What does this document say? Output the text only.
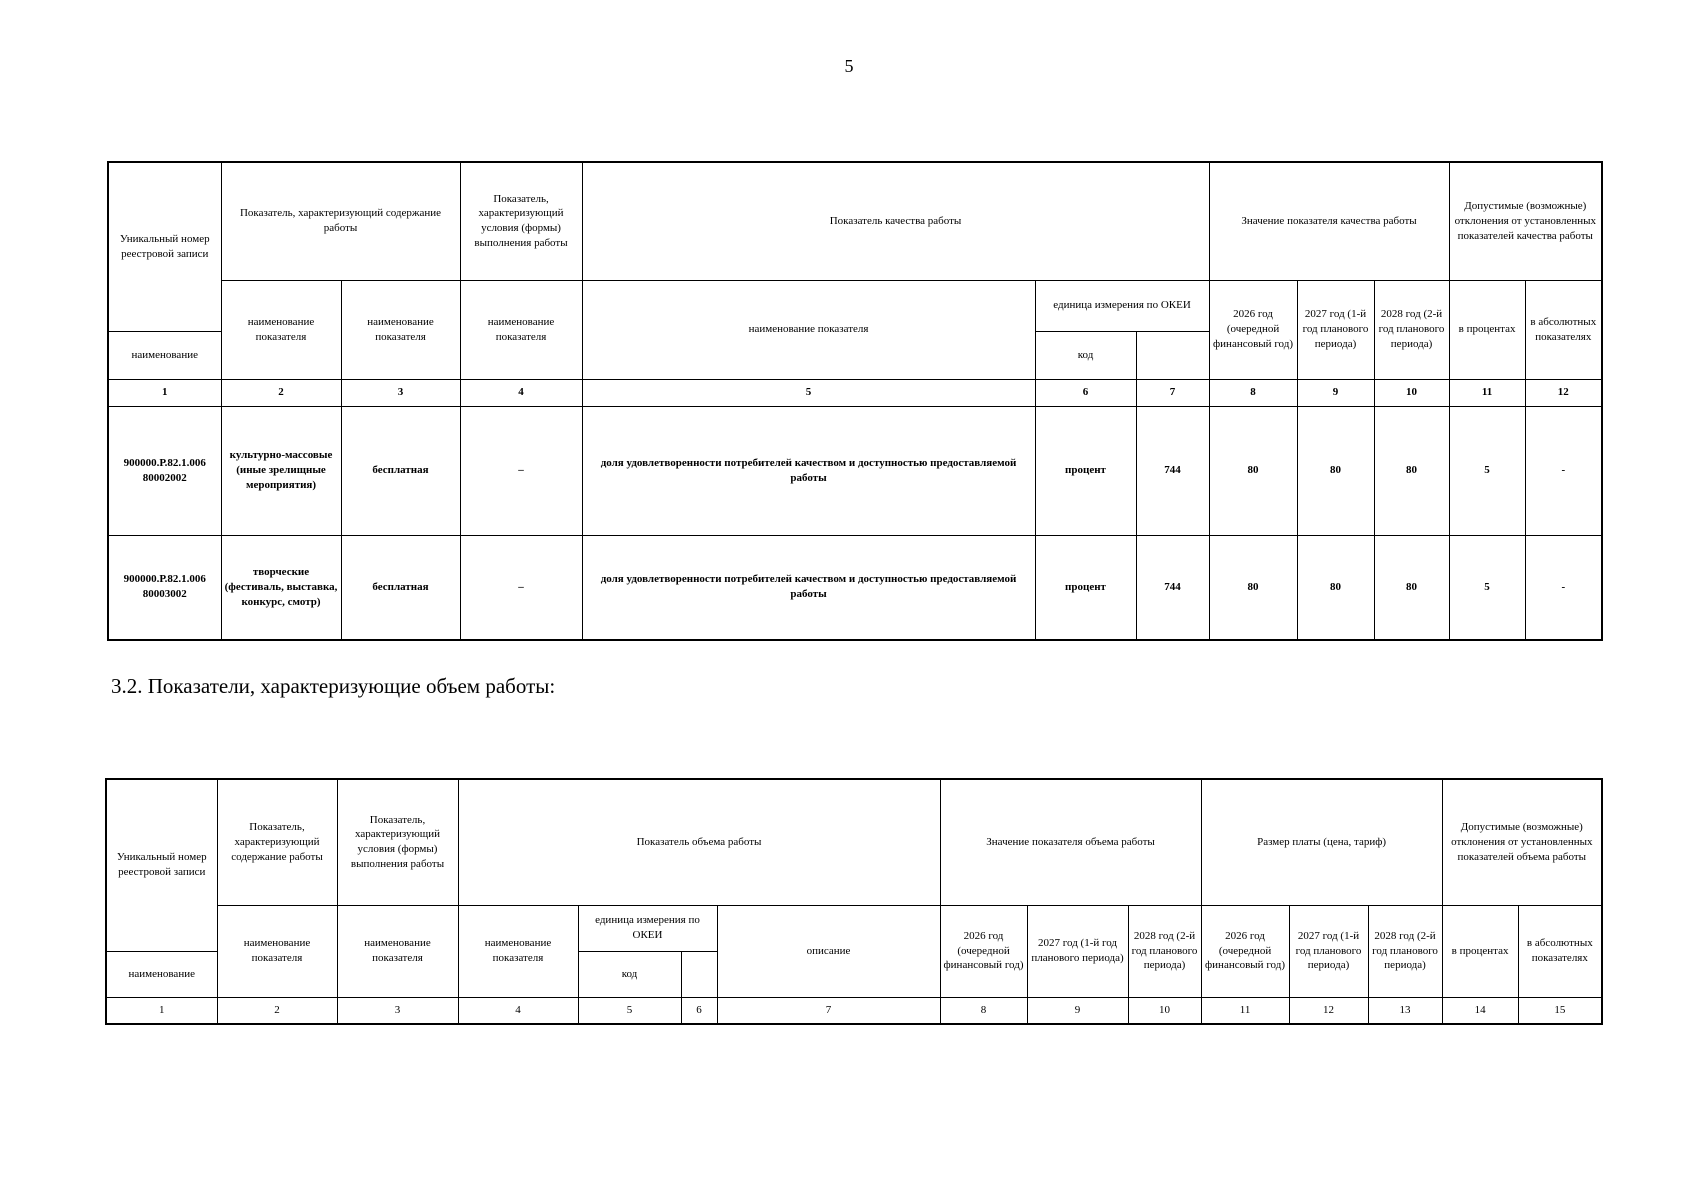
5
Уникальный номер реестровой записи	Показатель, характеризующий содержание работы		Показатель, характеризующий условия (формы) выполнения работы	Показатель качества работы			Значение показателя качества работы			Допустимые (возможные) отклонения от установленных показателей качества работы	
	наименование показателя	наименование показателя	наименование показателя	наименование показателя	единица измерения по ОКЕИ		2026 год (очередной финансовый год)	2027 год (1-й год планового периода)	2028 год (2-й год планового периода)	в процентах	в абсолютных показателях
наименование					код						
1	2	3	4	5	6	7	8	9	10	11	12
900000.Р.82.1.006 80002002	культурно-массовые (иные зрелищные мероприятия)	бесплатная	–	доля удовлетворенности потребителей качеством и доступностью предоставляемой работы	процент	744	80	80	80	5	-
900000.Р.82.1.006 80003002	творческие (фестиваль, выставка, конкурс, смотр)	бесплатная	–	доля удовлетворенности потребителей качеством и доступностью предоставляемой работы	процент	744	80	80	80	5	-
3.2. Показатели, характеризующие объем работы:
Уникальный номер реестровой записи	Показатель, характеризующий содержание работы	Показатель, характеризующий условия (формы) выполнения работы	Показатель объема работы				Значение показателя объема работы			Размер платы (цена, тариф)			Допустимые (возможные) отклонения от установленных показателей объема работы	
	наименование показателя	наименование показателя	наименование показателя	единица измерения по ОКЕИ		описание	2026 год (очередной финансовый год)	2027 год (1-й год планового периода)	2028 год (2-й год планового периода)	2026 год (очередной финансовый год)	2027 год (1-й год планового периода)	2028 год (2-й год планового периода)	в процентах	в абсолютных показателях
наименование				код										
1	2	3	4	5	6	7	8	9	10	11	12	13	14	15
